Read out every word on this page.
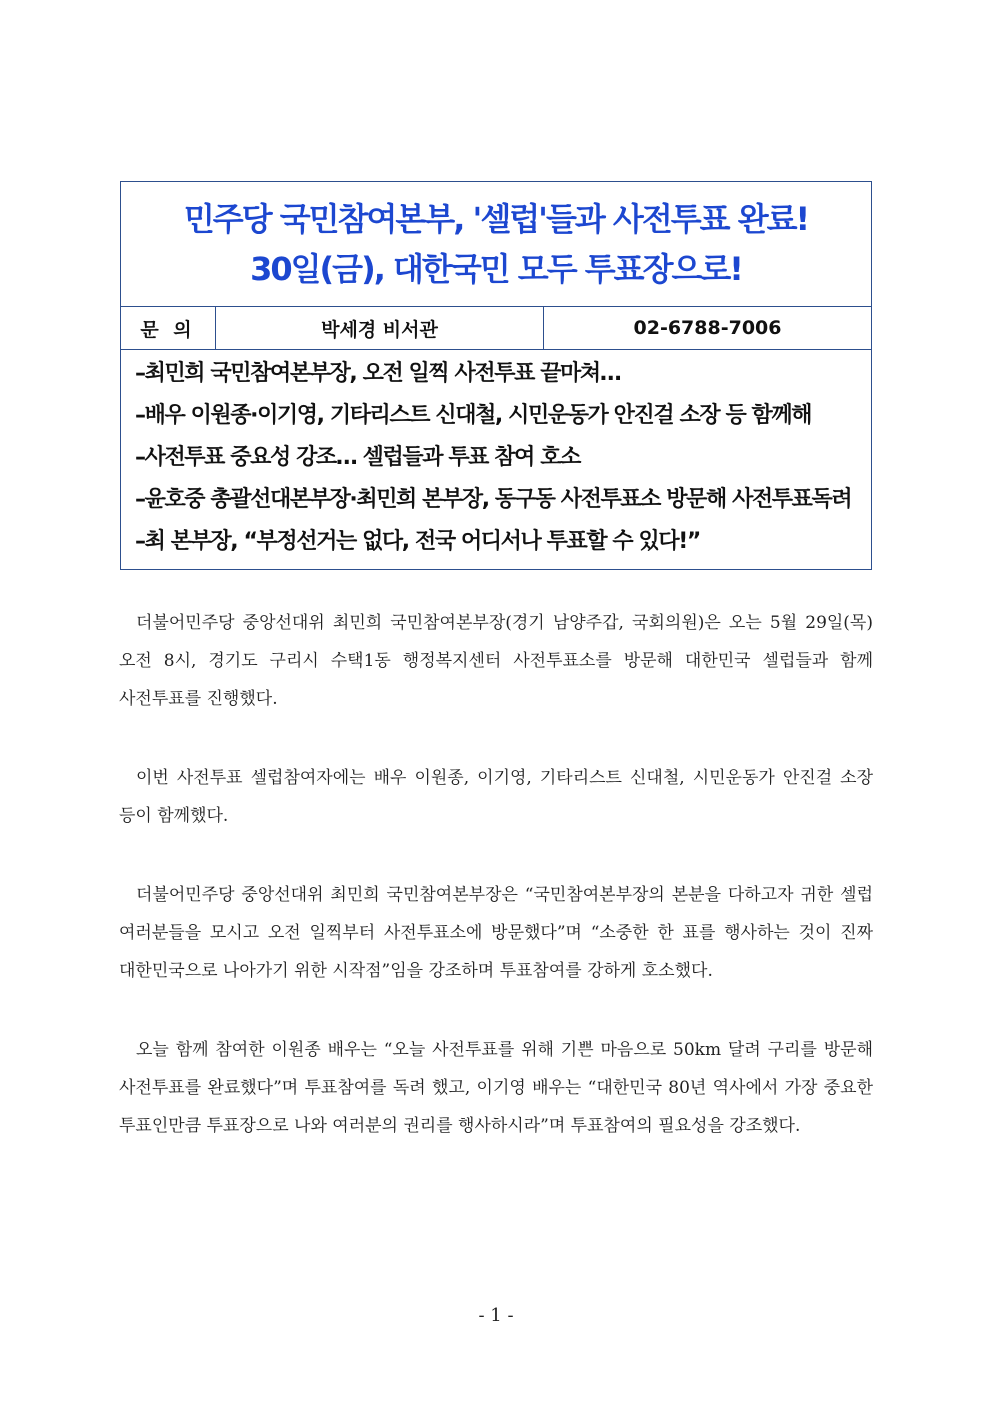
민주당 국민참여본부, '셀럽'들과 사전투표 완료!
30일(금), 대한국민 모두 투표장으로!
문 의	박세경 비서관	02-6788-7006
–최민희 국민참여본부장, 오전 일찍 사전투표 끝마쳐…
–배우 이원종·이기영, 기타리스트 신대철, 시민운동가 안진걸 소장 등 함께해
–사전투표 중요성 강조… 셀럽들과 투표 참여 호소
–윤호중 총괄선대본부장·최민희 본부장, 동구동 사전투표소 방문해 사전투표독려
–최 본부장, “부정선거는 없다, 전국 어디서나 투표할 수 있다!”

더불어민주당 중앙선대위 최민희 국민참여본부장(경기 남양주갑, 국회의원)은 오는 5월 29일(목) 오전 8시, 경기도 구리시 수택1동 행정복지센터 사전투표소를 방문해 대한민국 셀럽들과 함께 사전투표를 진행했다.

이번 사전투표 셀럽참여자에는 배우 이원종, 이기영, 기타리스트 신대철, 시민운동가 안진걸 소장 등이 함께했다.

더불어민주당 중앙선대위 최민희 국민참여본부장은 “국민참여본부장의 본분을 다하고자 귀한 셀럽 여러분들을 모시고 오전 일찍부터 사전투표소에 방문했다”며 “소중한 한 표를 행사하는 것이 진짜 대한민국으로 나아가기 위한 시작점”임을 강조하며 투표참여를 강하게 호소했다.

오늘 함께 참여한 이원종 배우는 “오늘 사전투표를 위해 기쁜 마음으로 50km 달려 구리를 방문해 사전투표를 완료했다”며 투표참여를 독려 했고, 이기영 배우는 “대한민국 80년 역사에서 가장 중요한 투표인만큼 투표장으로 나와 여러분의 권리를 행사하시라”며 투표참여의 필요성을 강조했다.

- 1 -
